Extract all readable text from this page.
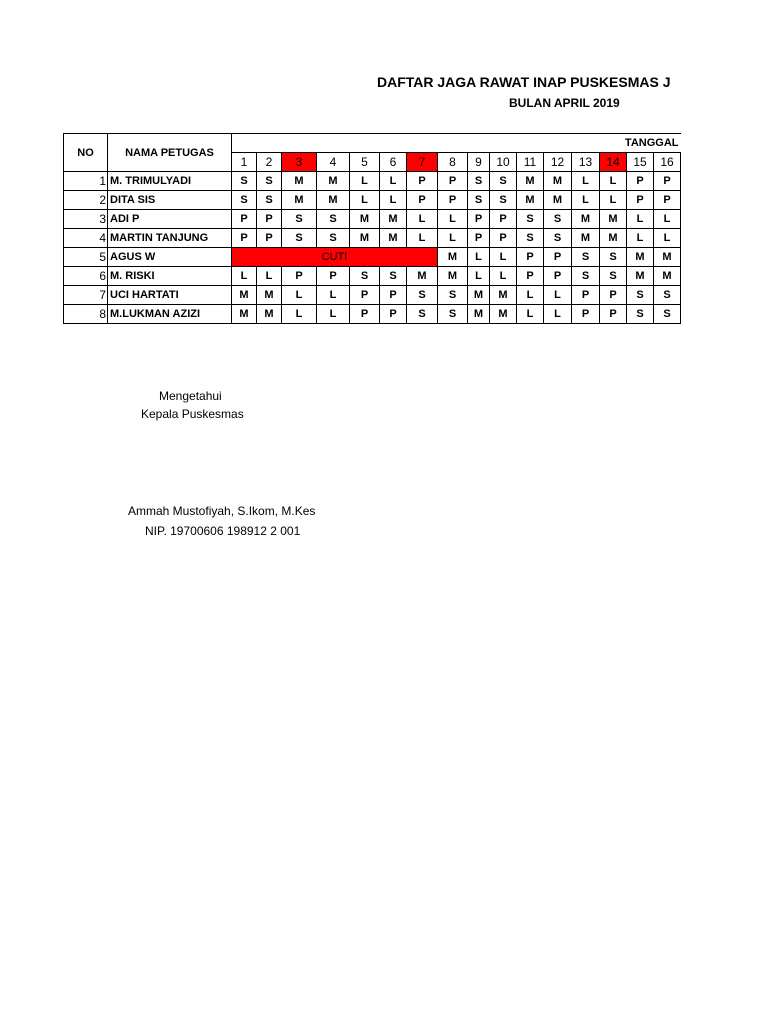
DAFTAR JAGA RAWAT INAP PUSKESMAS J
BULAN APRIL 2019
NO	NAMA PETUGAS	TANGGAL															
		1	2	3	4	5	6	7	8	9	10	11	12	13	14	15	16
1	M. TRIMULYADI	S	S	M	M	L	L	P	P	S	S	M	M	L	L	P	P
2	DITA SIS	S	S	M	M	L	L	P	P	S	S	M	M	L	L	P	P
3	ADI P	P	P	S	S	M	M	L	L	P	P	S	S	M	M	L	L
4	MARTIN TANJUNG	P	P	S	S	M	M	L	L	P	P	S	S	M	M	L	L
5	AGUS W	CUTI							M	L	L	P	P	S	S	M	M
6	M. RISKI	L	L	P	P	S	S	M	M	L	L	P	P	S	S	M	M
7	UCI HARTATI	M	M	L	L	P	P	S	S	M	M	L	L	P	P	S	S
8	M.LUKMAN AZIZI	M	M	L	L	P	P	S	S	M	M	L	L	P	P	S	S
Mengetahui
Kepala Puskesmas
Ammah Mustofiyah, S.Ikom, M.Kes
NIP. 19700606 198912 2 001
